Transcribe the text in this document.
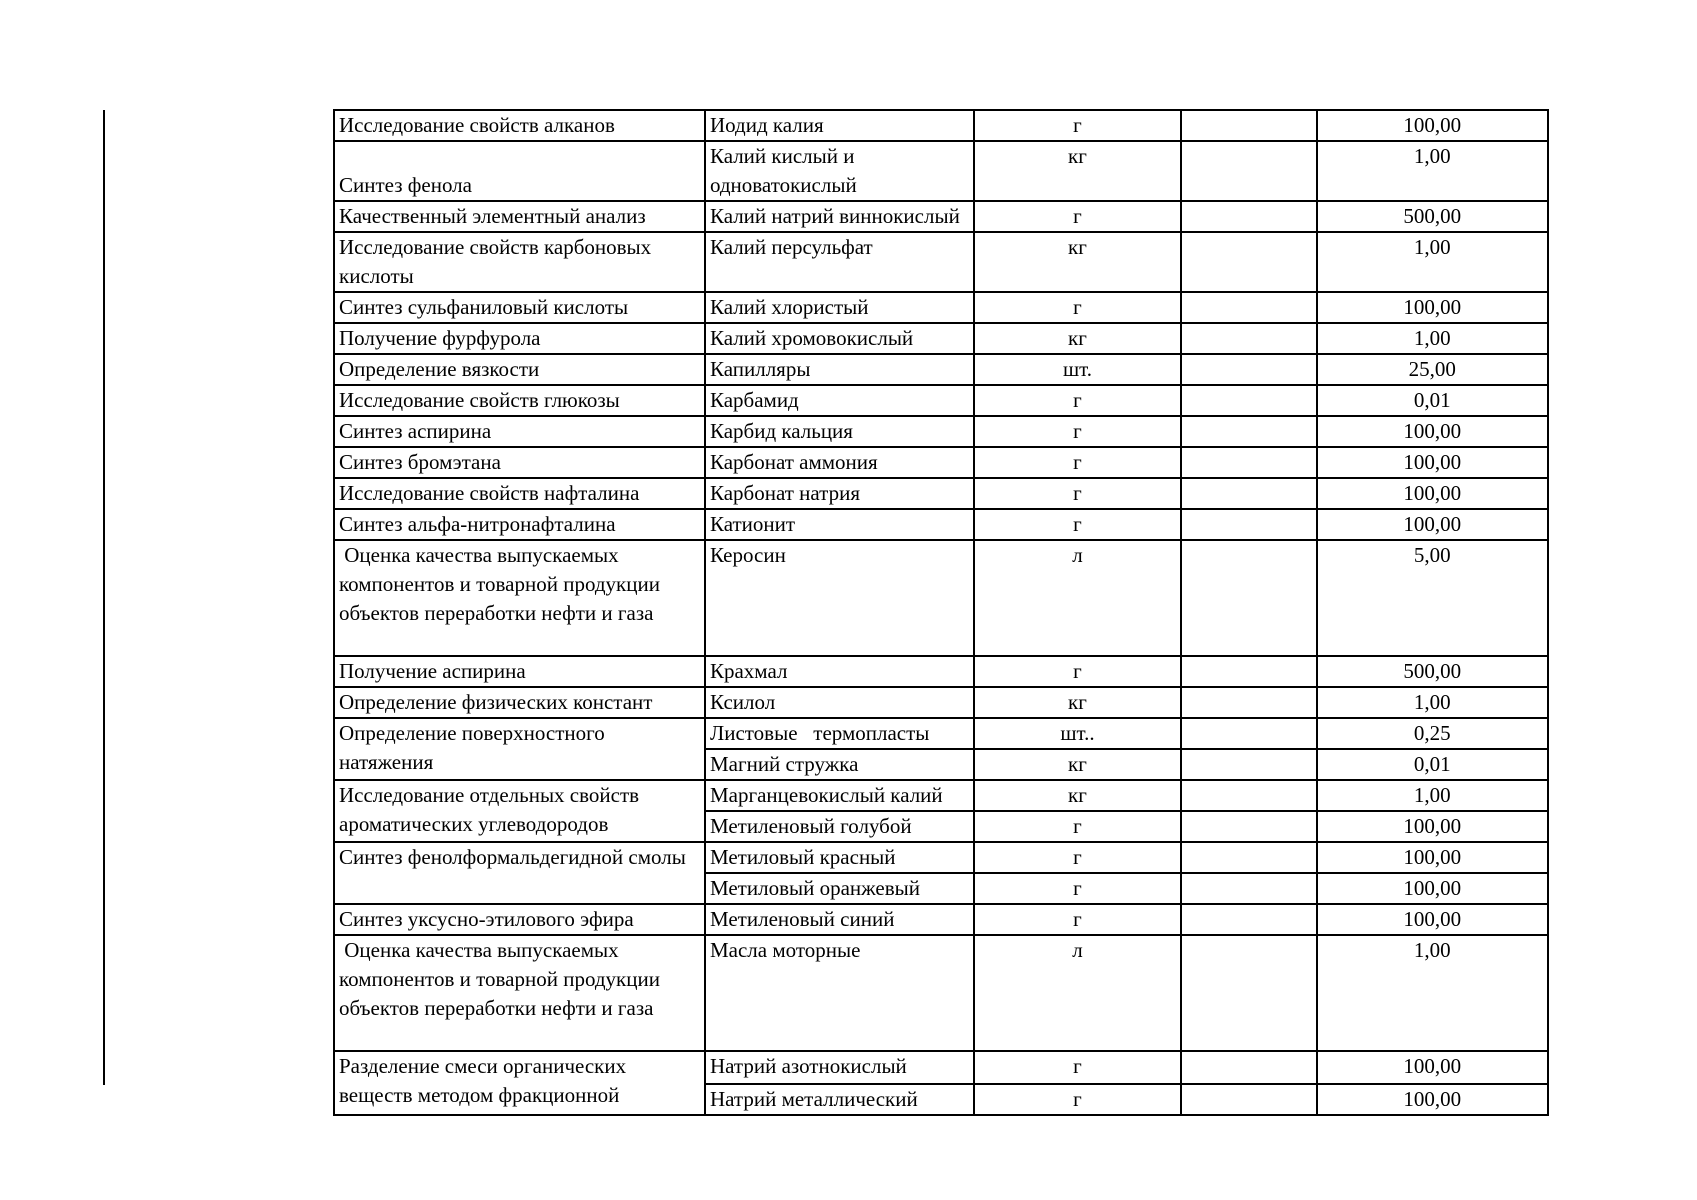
Исследование свойств алканов	Иодид калия	г		100,00
Синтез фенола	Калий кислый и одноватокислый	кг		1,00
Качественный элементный анализ	Калий натрий виннокислый	г		500,00
Исследование свойств карбоновых кислоты	Калий персульфат	кг		1,00
Синтез сульфаниловый кислоты	Калий хлористый	г		100,00
Получение фурфурола	Калий хромовокислый	кг		1,00
Определение вязкости	Капилляры	шт.		25,00
Исследование свойств глюкозы	Карбамид	г		0,01
Синтез аспирина	Карбид кальция	г		100,00
Синтез бромэтана	Карбонат аммония	г		100,00
Исследование свойств нафталина	Карбонат натрия	г		100,00
Синтез альфа-нитронафталина	Катионит	г		100,00
Оценка качества выпускаемых компонентов и товарной продукции объектов переработки нефти и газа	Керосин	л		5,00
Получение аспирина	Крахмал	г		500,00
Определение физических констант	Ксилол	кг		1,00
Определение поверхностного натяжения	Листовые   термопласты	шт..		0,25
	Магний стружка	кг		0,01
Исследование отдельных свойств ароматических углеводородов	Марганцевокислый калий	кг		1,00
	Метиленовый голубой	г		100,00
Синтез фенолформальдегидной смолы	Метиловый красный	г		100,00
	Метиловый оранжевый	г		100,00
Синтез уксусно-этилового эфира	Метиленовый синий	г		100,00
Оценка качества выпускаемых компонентов и товарной продукции объектов переработки нефти и газа	Масла моторные	л		1,00
Разделение смеси органических веществ методом фракционной	Натрий азотнокислый	г		100,00
	Натрий металлический	г		100,00
